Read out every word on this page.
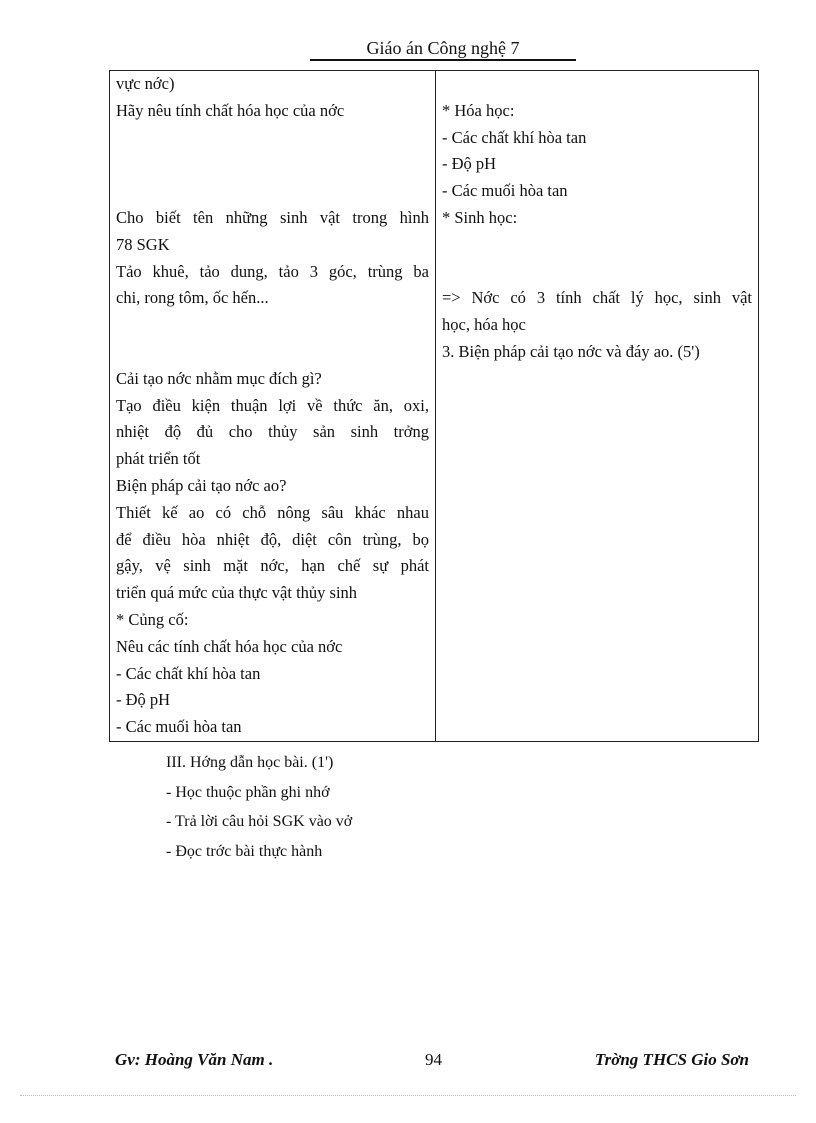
Giáo án Công nghệ 7
vực nớc)
Hãy nêu tính chất hóa học của nớc
Cho biết tên những sinh vật trong hình
78 SGK
Tảo khuê, tảo dung, tảo 3 góc, trùng ba
chi, rong tôm, ốc hến...
Cải tạo nớc nhằm mục đích gì?
Tạo điều kiện thuận lợi về thức ăn, oxi,
nhiệt độ đủ cho thủy sản sinh trởng
phát triển tốt
Biện pháp cải tạo nớc ao?
Thiết kế ao có chỗ nông sâu khác nhau
để điều hòa nhiệt độ, diệt côn trùng, bọ
gậy, vệ sinh mặt nớc, hạn chế sự phát
triển quá mức của thực vật thủy sinh
* Củng cố:
Nêu các tính chất hóa học của nớc
- Các chất khí hòa tan
- Độ pH
- Các muối hòa tan

* Hóa học:
- Các chất khí hòa tan
- Độ pH
- Các muối hòa tan
* Sinh học:
=> Nớc có 3 tính chất lý học, sinh vật
học, hóa học
3. Biện pháp cải tạo nớc và đáy ao. (5')
III. Hớng dẫn học bài. (1')
- Học thuộc phần ghi nhớ
- Trả lời câu hỏi SGK vào vở
- Đọc trớc bài thực hành
Gv: Hoàng Văn Nam .	94	Trờng THCS Gio Sơn
